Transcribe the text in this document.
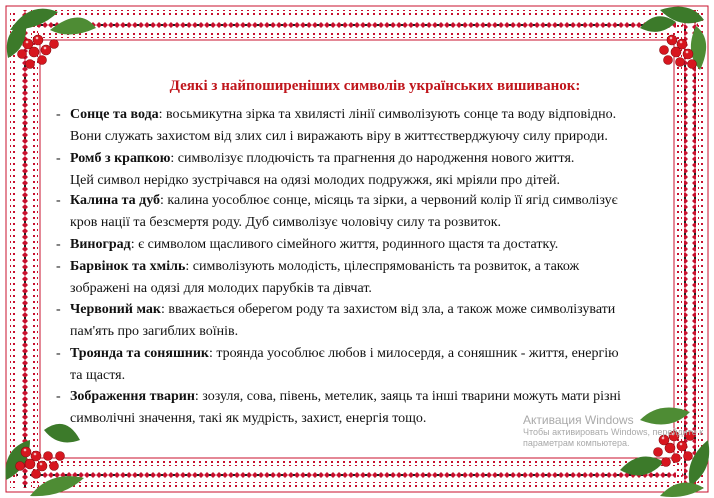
Деякі з найпоширеніших символів українських вишиванок:
- Сонце та вода: восьмикутна зірка та хвилясті лінії символізують сонце та воду відповідно.
Вони служать захистом від злих сил і виражають віру в життєстверджуючу силу природи.
- Ромб з крапкою: символізує плодючість та прагнення до народження нового життя.
Цей символ нерідко зустрічався на одязі молодих подружжя, які мріяли про дітей.
- Калина та дуб: калина уособлює сонце, місяць та зірки, а червоний колір її ягід символізує
кров нації та безсмертя роду. Дуб символізує чоловічу силу та розвиток.
- Виноград: є символом щасливого сімейного життя, родинного щастя та достатку.
- Барвінок та хміль: символізують молодість, цілеспрямованість та розвиток, а також
зображені на одязі для молодих парубків та дівчат.
- Червоний мак: вважається оберегом роду та захистом від зла, а також може символізувати
пам'ять про загиблих воїнів.
- Троянда та соняшник: троянда уособлює любов і милосердя, а соняшник - життя, енергію
та щастя.
- Зображення тварин: зозуля, сова, півень, метелик, заяць та інші тварини можуть мати різні
символічні значення, такі як мудрість, захист, енергія тощо.	Активация Windows
Чтобы активировать Windows, перейдите к
параметрам компьютера.
